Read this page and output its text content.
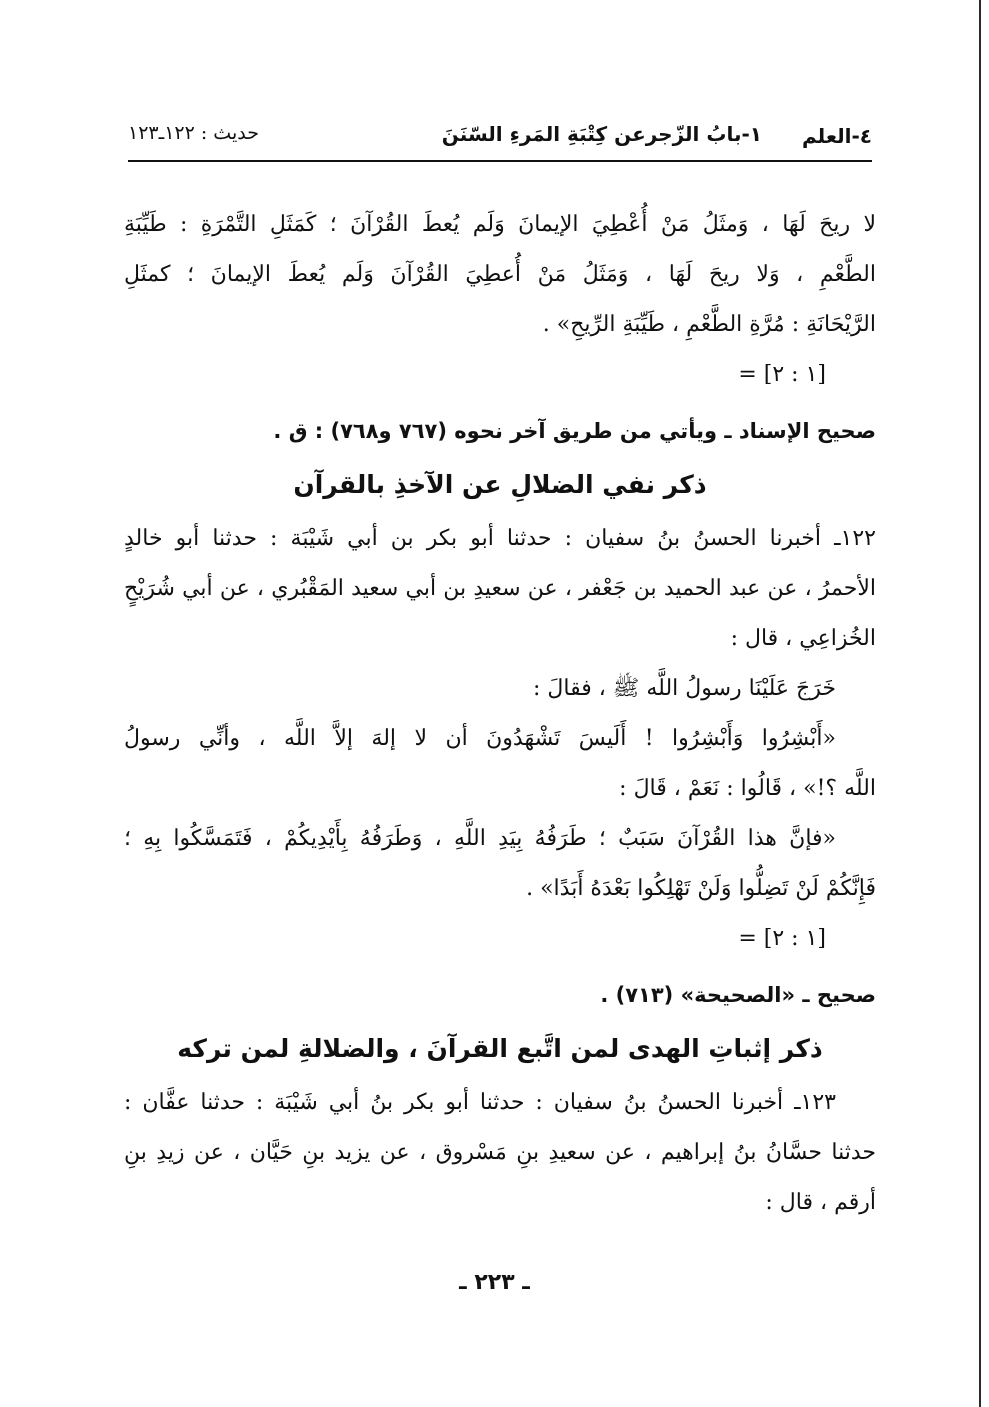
٤-العلم
١-بابُ الزّجرعن كِتْبَةِ المَرءِ السّنَنَ
حديث : ١٢٢ـ١٢٣
لا ريحَ لَهَا ، وَمثَلُ مَنْ أُعْطِيَ الإيمانَ وَلَم يُعطَ القُرْآنَ ؛ كَمَثَلِ التَّمْرَةِ : طَيِّبَةِ
الطَّعْمِ ، وَلا ريحَ لَهَا ، وَمَثَلُ مَنْ أُعطِيَ القُرْآنَ وَلَم يُعطَ الإيمانَ ؛ كمثَلِ
الرَّيْحَانَةِ : مُرَّةِ الطَّعْمِ ، طَيِّبَةِ الرِّيحِ» .
= [١ : ٢]
صحيح الإسناد ـ ويأتي من طريق آخر نحوه (٧٦٧ و٧٦٨) : ق .
ذكر نفي الضلالِ عن الآخذِ بالقرآن
١٢٢ـ أخبرنا الحسنُ بنُ سفيان : حدثنا أبو بكر بن أبي شَيْبَة : حدثنا أبو خالدٍ
الأحمرُ ، عن عبد الحميد بن جَعْفر ، عن سعيدِ بن أبي سعيد المَقْبُري ، عن أبي شُرَيْحٍ
الخُزاعِي ، قال :
خَرَجَ عَلَيْنَا رسولُ اللَّه ﷺ ، فقالَ :
«أَبْشِرُوا وَأَبْشِرُوا ! أَلَيسَ تَشْهَدُونَ أن لا إلهَ إلاَّ اللَّه ، وأنِّي رسولُ
اللَّه ؟!» ، قَالُوا : نَعَمْ ، قَالَ :
«فإنَّ هذا القُرْآنَ سَبَبٌ ؛ طَرَفُهُ بِيَدِ اللَّهِ ، وَطَرَفُهُ بِأَيْدِيكُمْ ، فَتَمَسَّكُوا بِهِ ؛
فَإِنَّكُمْ لَنْ تَضِلُّوا وَلَنْ تَهْلِكُوا بَعْدَهُ أَبَدًا» .
= [١ : ٢]
صحيح ـ «الصحيحة» (٧١٣) .
ذكر إثباتِ الهدى لمن اتَّبع القرآنَ ، والضلالةِ لمن تركه
١٢٣ـ أخبرنا الحسنُ بنُ سفيان : حدثنا أبو بكر بنُ أبي شَيْبَة : حدثنا عفَّان :
حدثنا حسَّانُ بنُ إبراهيم ، عن سعيدِ بنِ مَسْروق ، عن يزيد بنِ حَيَّان ، عن زيدِ بنِ
أرقم ، قال :
ـ ٢٢٣ ـ
